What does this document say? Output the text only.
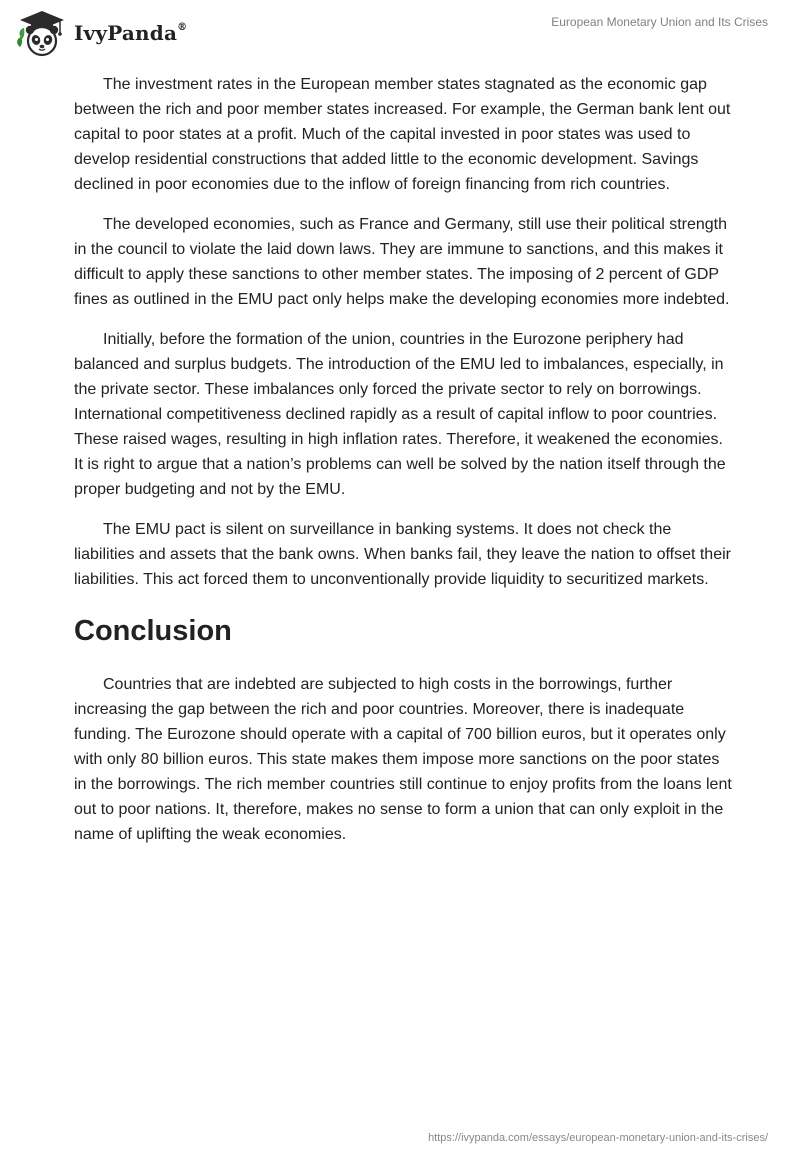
IvyPanda®	European Monetary Union and Its Crises

The investment rates in the European member states stagnated as the economic gap between the rich and poor member states increased. For example, the German bank lent out capital to poor states at a profit. Much of the capital invested in poor states was used to develop residential constructions that added little to the economic development. Savings declined in poor economies due to the inflow of foreign financing from rich countries.

The developed economies, such as France and Germany, still use their political strength in the council to violate the laid down laws. They are immune to sanctions, and this makes it difficult to apply these sanctions to other member states. The imposing of 2 percent of GDP fines as outlined in the EMU pact only helps make the developing economies more indebted.

Initially, before the formation of the union, countries in the Eurozone periphery had balanced and surplus budgets. The introduction of the EMU led to imbalances, especially, in the private sector. These imbalances only forced the private sector to rely on borrowings. International competitiveness declined rapidly as a result of capital inflow to poor countries. These raised wages, resulting in high inflation rates. Therefore, it weakened the economies. It is right to argue that a nation’s problems can well be solved by the nation itself through the proper budgeting and not by the EMU.

The EMU pact is silent on surveillance in banking systems. It does not check the liabilities and assets that the bank owns. When banks fail, they leave the nation to offset their liabilities. This act forced them to unconventionally provide liquidity to securitized markets.

Conclusion

Countries that are indebted are subjected to high costs in the borrowings, further increasing the gap between the rich and poor countries. Moreover, there is inadequate funding. The Eurozone should operate with a capital of 700 billion euros, but it operates only with only 80 billion euros. This state makes them impose more sanctions on the poor states in the borrowings. The rich member countries still continue to enjoy profits from the loans lent out to poor nations. It, therefore, makes no sense to form a union that can only exploit in the name of uplifting the weak economies.

https://ivypanda.com/essays/european-monetary-union-and-its-crises/
